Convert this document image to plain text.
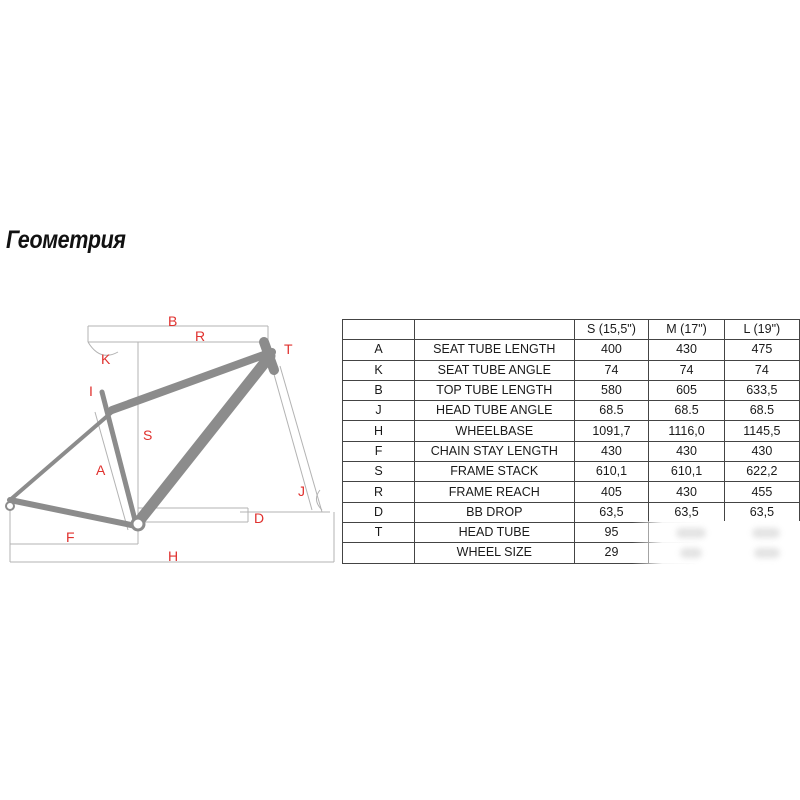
Геометрия
B
R
K
I
S
A
T
J
D
F
H
		S (15,5")	M (17")	L (19")
A	SEAT TUBE LENGTH	400	430	475
K	SEAT TUBE ANGLE	74	74	74
B	TOP TUBE LENGTH	580	605	633,5
J	HEAD TUBE ANGLE	68.5	68.5	68.5
H	WHEELBASE	1091,7	1116,0	1145,5
F	CHAIN STAY LENGTH	430	430	430
S	FRAME STACK	610,1	610,1	622,2
R	FRAME REACH	405	430	455
D	BB DROP	63,5	63,5	63,5
T	HEAD TUBE	95		
	WHEEL SIZE	29		
